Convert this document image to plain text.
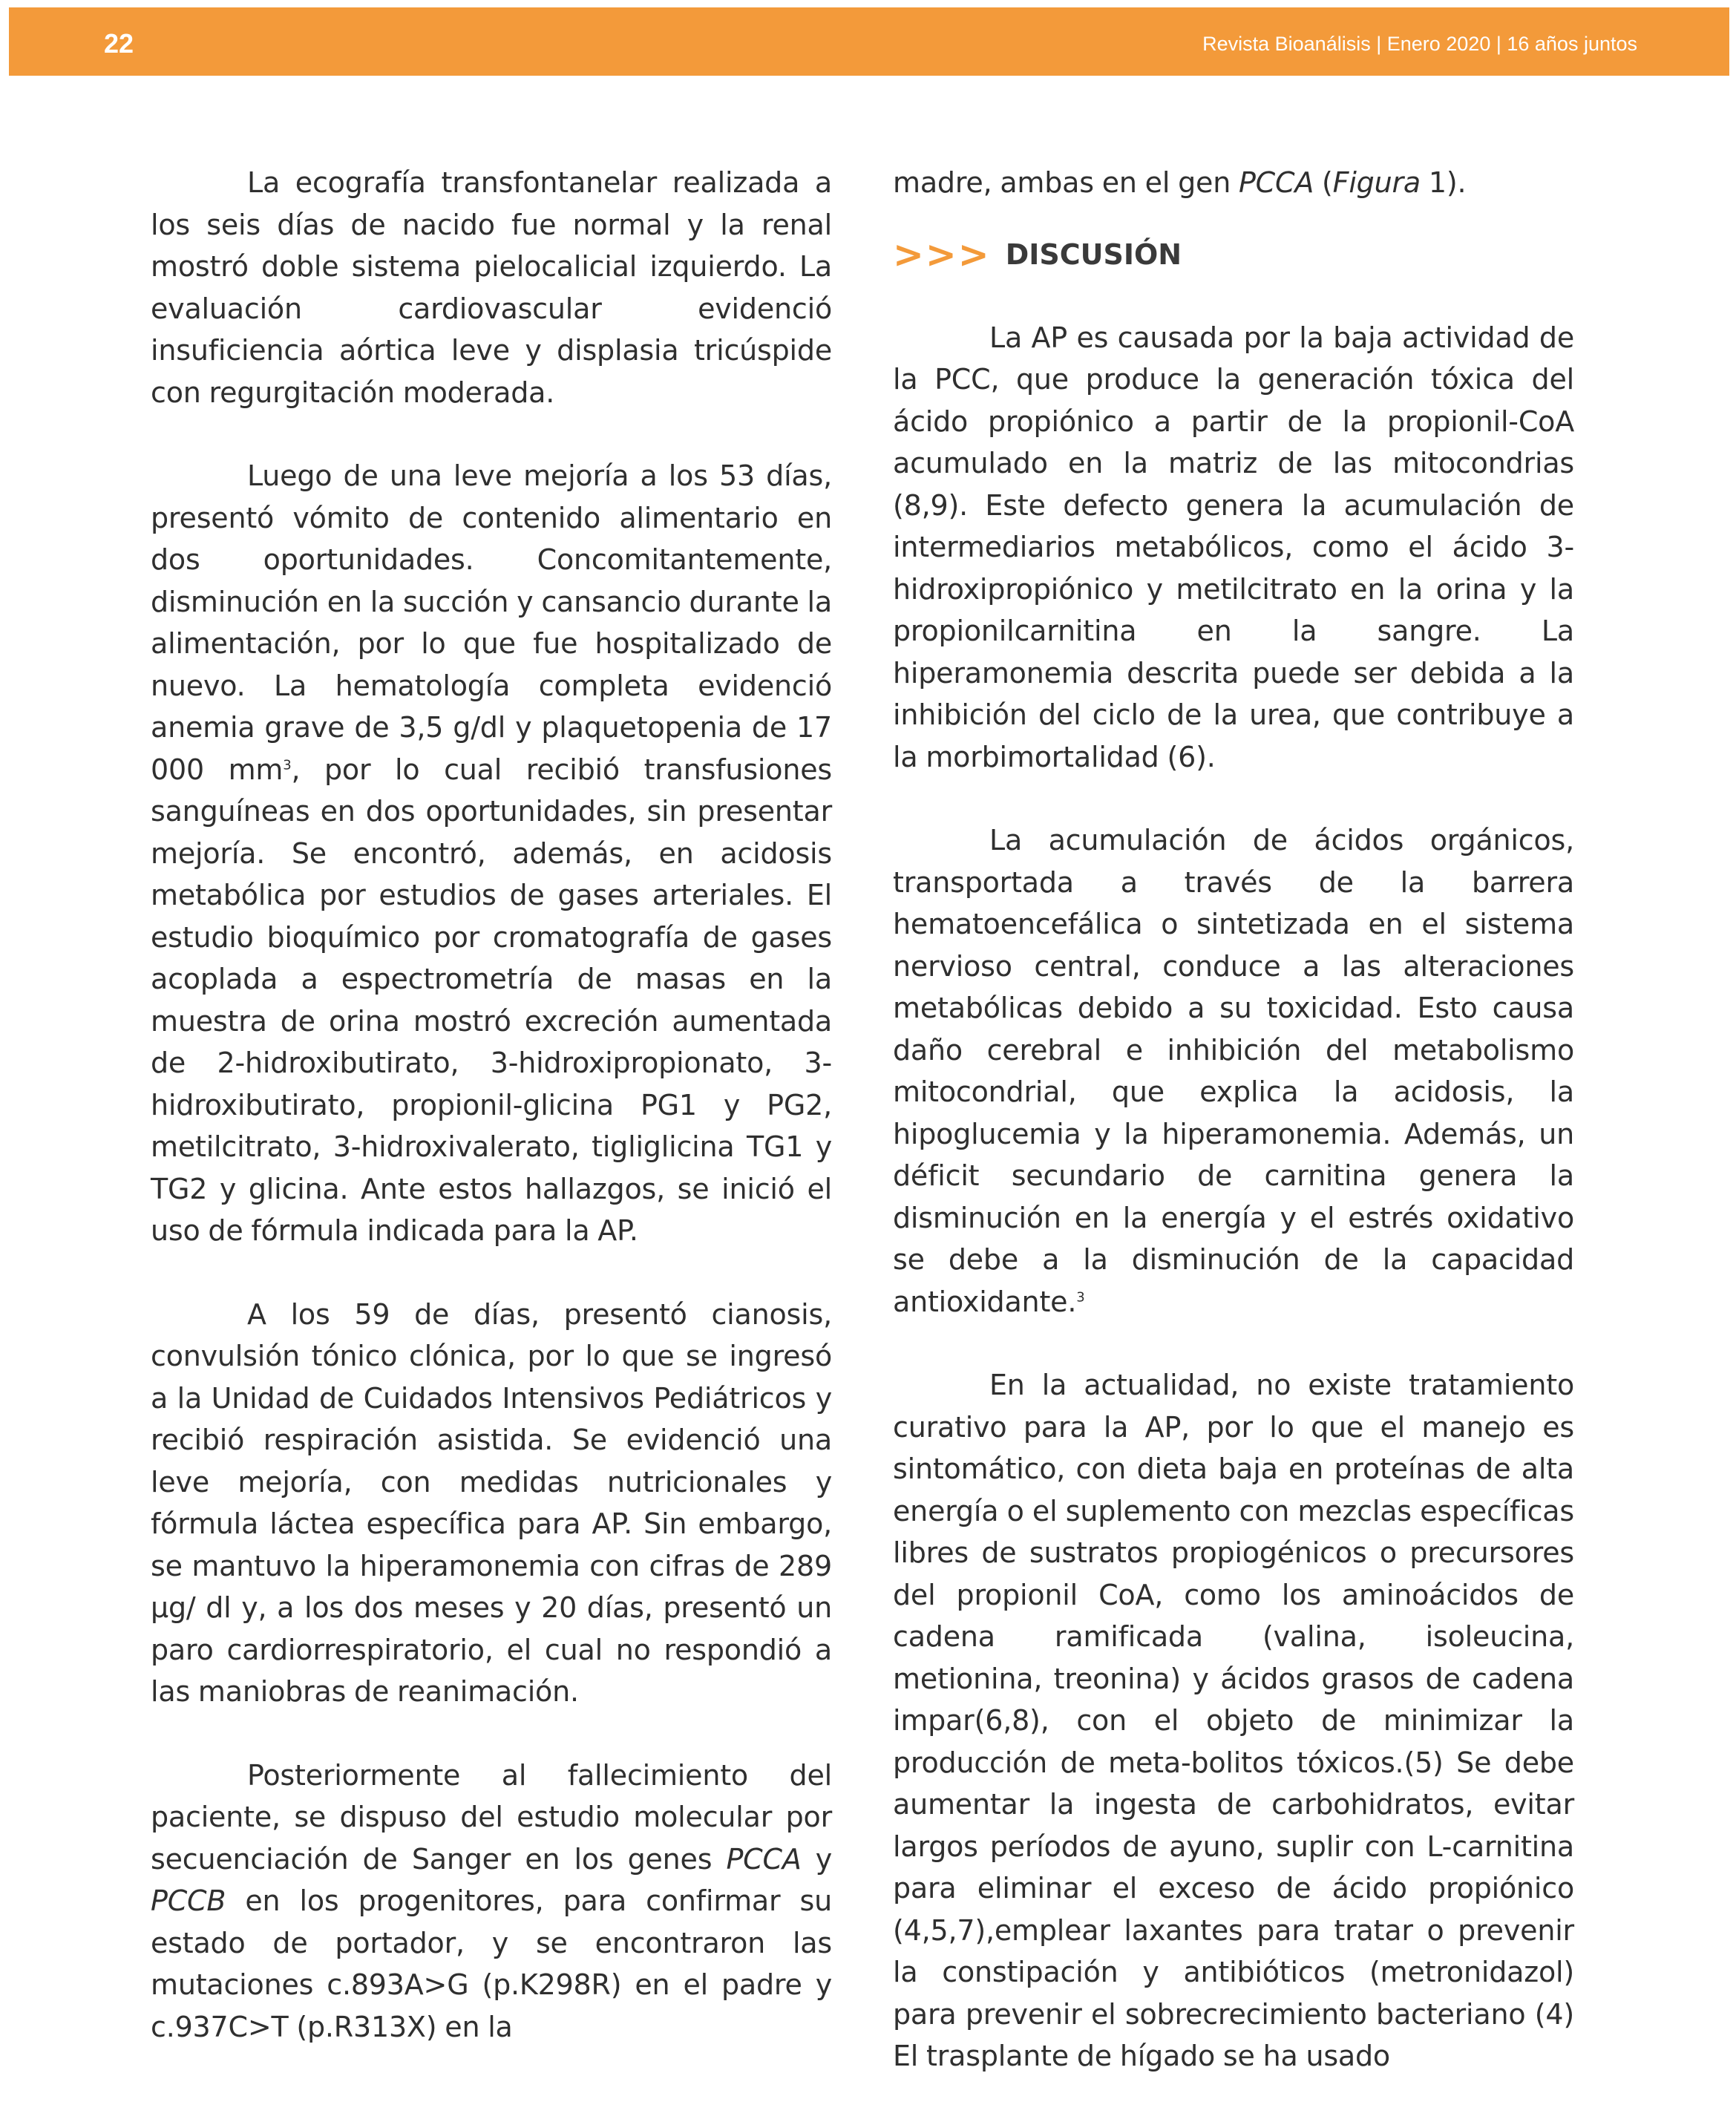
22	Revista Bioanálisis | Enero 2020 | 16 años juntos

La ecografía transfontanelar realizada a los seis días de nacido fue normal y la renal mostró doble sistema pielocalicial izquierdo. La evaluación cardiovascular evidenció insuficiencia aórtica leve y displasia tricúspide con regurgitación moderada.

Luego de una leve mejoría a los 53 días, presentó vómito de contenido alimentario en dos oportunidades. Concomitantemente, disminución en la succión y cansancio durante la alimentación, por lo que fue hospitalizado de nuevo. La hematología completa evidenció anemia grave de 3,5 g/dl y plaquetopenia de 17 000 $mm^3$, por lo cual recibió transfusiones sanguíneas en dos oportunidades, sin presentar mejoría. Se encontró, además, en acidosis metabólica por estudios de gases arteriales. El estudio bioquímico por cromatografía de gases acoplada a espectrometría de masas en la muestra de orina mostró excreción aumentada de 2-hidroxibutirato, 3-hidroxipropionato, 3-hidroxibutirato, propionil-glicina PG1 y PG2, metilcitrato, 3-hidroxivalerato, tigliglicina TG1 y TG2 y glicina. Ante estos hallazgos, se inició el uso de fórmula indicada para la AP.

A los 59 de días, presentó cianosis, convulsión tónico clónica, por lo que se ingresó a la Unidad de Cuidados Intensivos Pediátricos y recibió respiración asistida. Se evidenció una leve mejoría, con medidas nutricionales y fórmula láctea específica para AP. Sin embargo, se mantuvo la hiperamonemia con cifras de 289 µg/ dl y, a los dos meses y 20 días, presentó un paro cardiorrespiratorio, el cual no respondió a las maniobras de reanimación.

Posteriormente al fallecimiento del paciente, se dispuso del estudio molecular por secuenciación de Sanger en los genes PCCA y PCCB en los progenitores, para confirmar su estado de portador, y se encontraron las mutaciones c.893A>G (p.K298R) en el padre y c.937C>T (p.R313X) en la

madre, ambas en el gen PCCA (Figura 1).

>>> DISCUSIÓN

La AP es causada por la baja actividad de la PCC, que produce la generación tóxica del ácido propiónico a partir de la propionil-CoA acumulado en la matriz de las mitocondrias (8,9). Este defecto genera la acumulación de intermediarios metabólicos, como el ácido 3-hidroxipropiónico y metilcitrato en la orina y la propionilcarnitina en la sangre. La hiperamonemia descrita puede ser debida a la inhibición del ciclo de la urea, que contribuye a la morbimortalidad (6).

La acumulación de ácidos orgánicos, transportada a través de la barrera hematoencefálica o sintetizada en el sistema nervioso central, conduce a las alteraciones metabólicas debido a su toxicidad. Esto causa daño cerebral e inhibición del metabolismo mitocondrial, que explica la acidosis, la hipoglucemia y la hiperamonemia. Además, un déficit secundario de carnitina genera la disminución en la energía y el estrés oxidativo se debe a la disminución de la capacidad antioxidante.$^3$

En la actualidad, no existe tratamiento curativo para la AP, por lo que el manejo es sintomático, con dieta baja en proteínas de alta energía o el suplemento con mezclas específicas libres de sustratos propiogénicos o precursores del propionil CoA, como los aminoácidos de cadena ramificada (valina, isoleucina, metionina, treonina) y ácidos grasos de cadena impar(6,8), con el objeto de minimizar la producción de meta-bolitos tóxicos.(5) Se debe aumentar la ingesta de carbohidratos, evitar largos períodos de ayuno, suplir con L-carnitina para eliminar el exceso de ácido propiónico (4,5,7),emplear laxantes para tratar o prevenir la constipación y antibióticos (metronidazol) para prevenir el sobrecrecimiento bacteriano (4) El trasplante de hígado se ha usado
